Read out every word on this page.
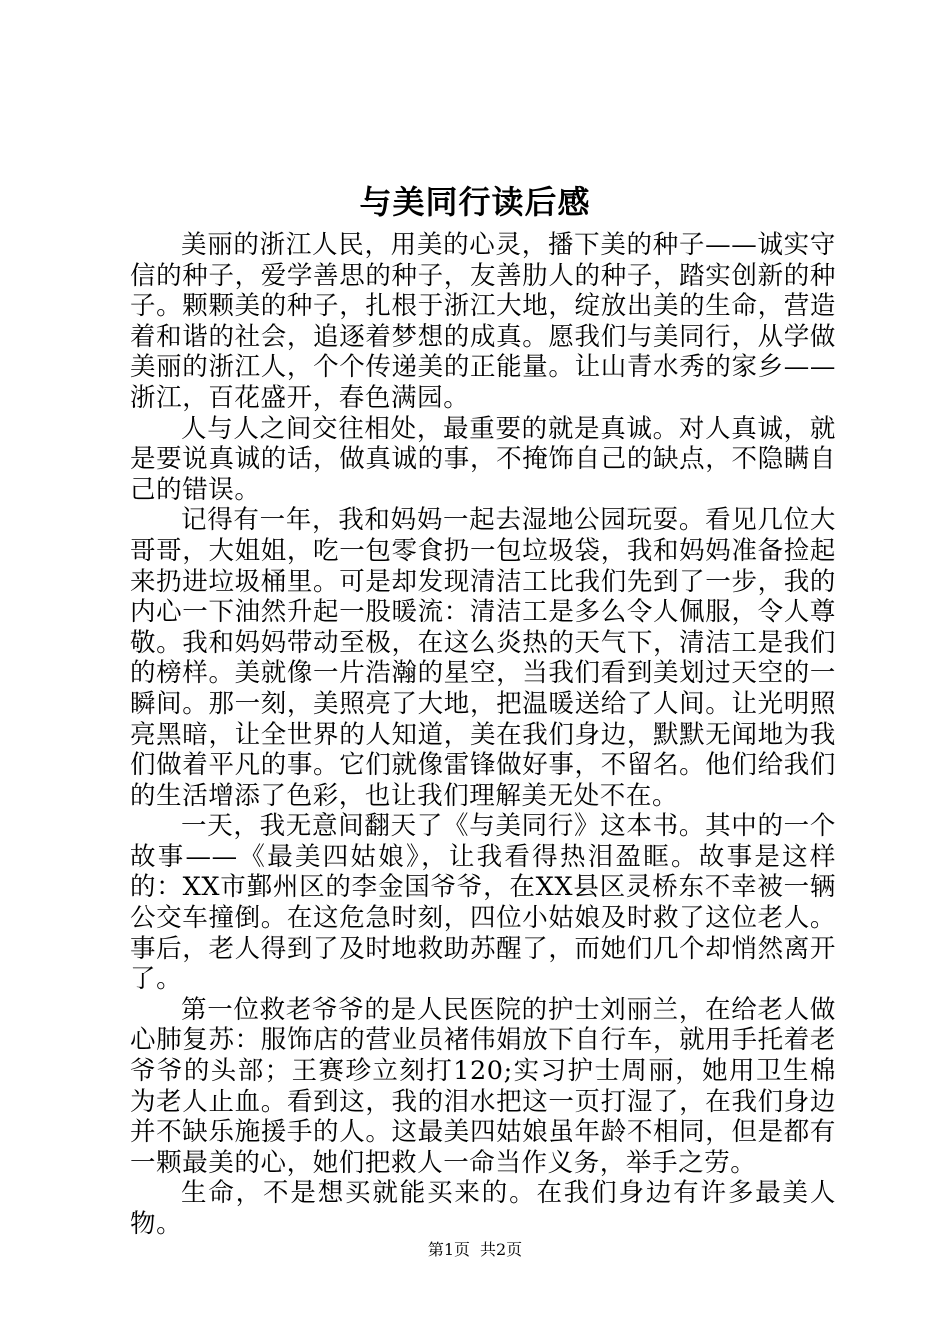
与美同行读后感

美丽的浙江人民，用美的心灵，播下美的种子——诚实守信的种子，爱学善思的种子，友善肋人的种子，踏实创新的种子。颗颗美的种子，扎根于浙江大地，绽放出美的生命，营造着和谐的社会，追逐着梦想的成真。愿我们与美同行，从学做美丽的浙江人，个个传递美的正能量。让山青水秀的家乡——浙江，百花盛开，春色满园。

人与人之间交往相处，最重要的就是真诚。对人真诚，就是要说真诚的话，做真诚的事，不掩饰自己的缺点，不隐瞒自己的错误。

记得有一年，我和妈妈一起去湿地公园玩耍。看见几位大哥哥，大姐姐，吃一包零食扔一包垃圾袋，我和妈妈准备捡起来扔进垃圾桶里。可是却发现清洁工比我们先到了一步，我的内心一下油然升起一股暖流：清洁工是多么令人佩服，令人尊敬。我和妈妈带动至极，在这么炎热的天气下，清洁工是我们的榜样。美就像一片浩瀚的星空，当我们看到美划过天空的一瞬间。那一刻，美照亮了大地，把温暖送给了人间。让光明照亮黑暗，让全世界的人知道，美在我们身边，默默无闻地为我们做着平凡的事。它们就像雷锋做好事，不留名。他们给我们的生活增添了色彩，也让我们理解美无处不在。

一天，我无意间翻天了《与美同行》这本书。其中的一个故事——《最美四姑娘》，让我看得热泪盈眶。故事是这样的：XX市鄞州区的李金国爷爷，在XX县区灵桥东不幸被一辆公交车撞倒。在这危急时刻，四位小姑娘及时救了这位老人。事后，老人得到了及时地救助苏醒了，而她们几个却悄然离开了。

第一位救老爷爷的是人民医院的护士刘丽兰，在给老人做心肺复苏：服饰店的营业员褚伟娟放下自行车，就用手托着老爷爷的头部；王赛珍立刻打120;实习护士周丽，她用卫生棉为老人止血。看到这，我的泪水把这一页打湿了，在我们身边并不缺乐施援手的人。这最美四姑娘虽年龄不相同，但是都有一颗最美的心，她们把救人一命当作义务，举手之劳。

生命，不是想买就能买来的。在我们身边有许多最美人物。

第1页 共2页
